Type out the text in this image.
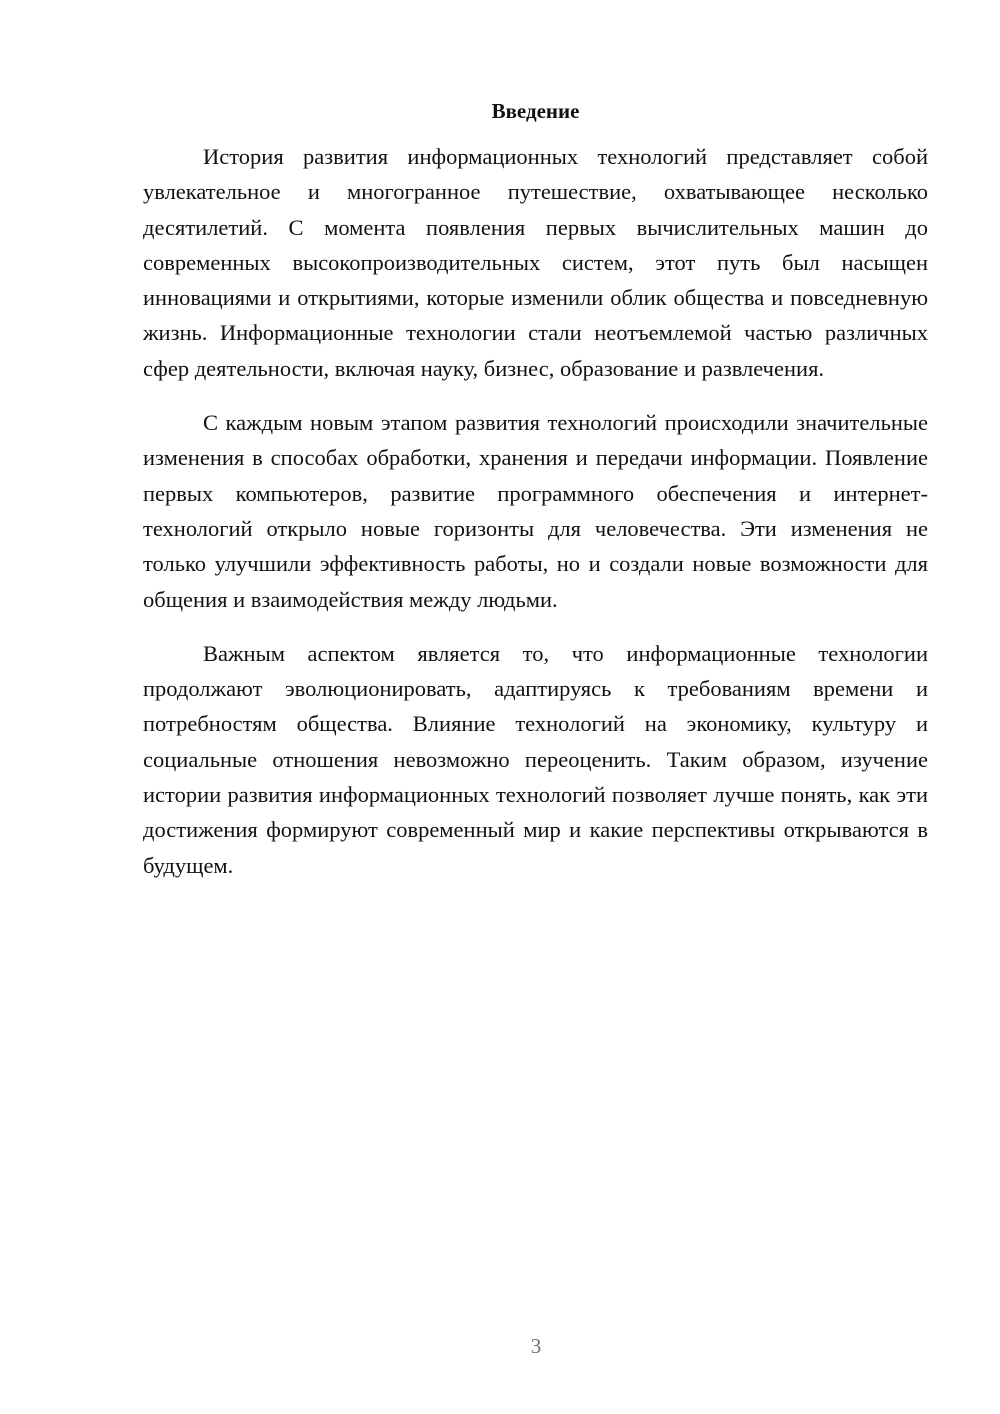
Введение

История развития информационных технологий представляет собой увлекательное и многогранное путешествие, охватывающее несколько десятилетий. С момента появления первых вычислительных машин до современных высокопроизводительных систем, этот путь был насыщен инновациями и открытиями, которые изменили облик общества и повседневную жизнь. Информационные технологии стали неотъемлемой частью различных сфер деятельности, включая науку, бизнес, образование и развлечения.

С каждым новым этапом развития технологий происходили значительные изменения в способах обработки, хранения и передачи информации. Появление первых компьютеров, развитие программного обеспечения и интернет-технологий открыло новые горизонты для человечества. Эти изменения не только улучшили эффективность работы, но и создали новые возможности для общения и взаимодействия между людьми.

Важным аспектом является то, что информационные технологии продолжают эволюционировать, адаптируясь к требованиям времени и потребностям общества. Влияние технологий на экономику, культуру и социальные отношения невозможно переоценить. Таким образом, изучение истории развития информационных технологий позволяет лучше понять, как эти достижения формируют современный мир и какие перспективы открываются в будущем.

3
